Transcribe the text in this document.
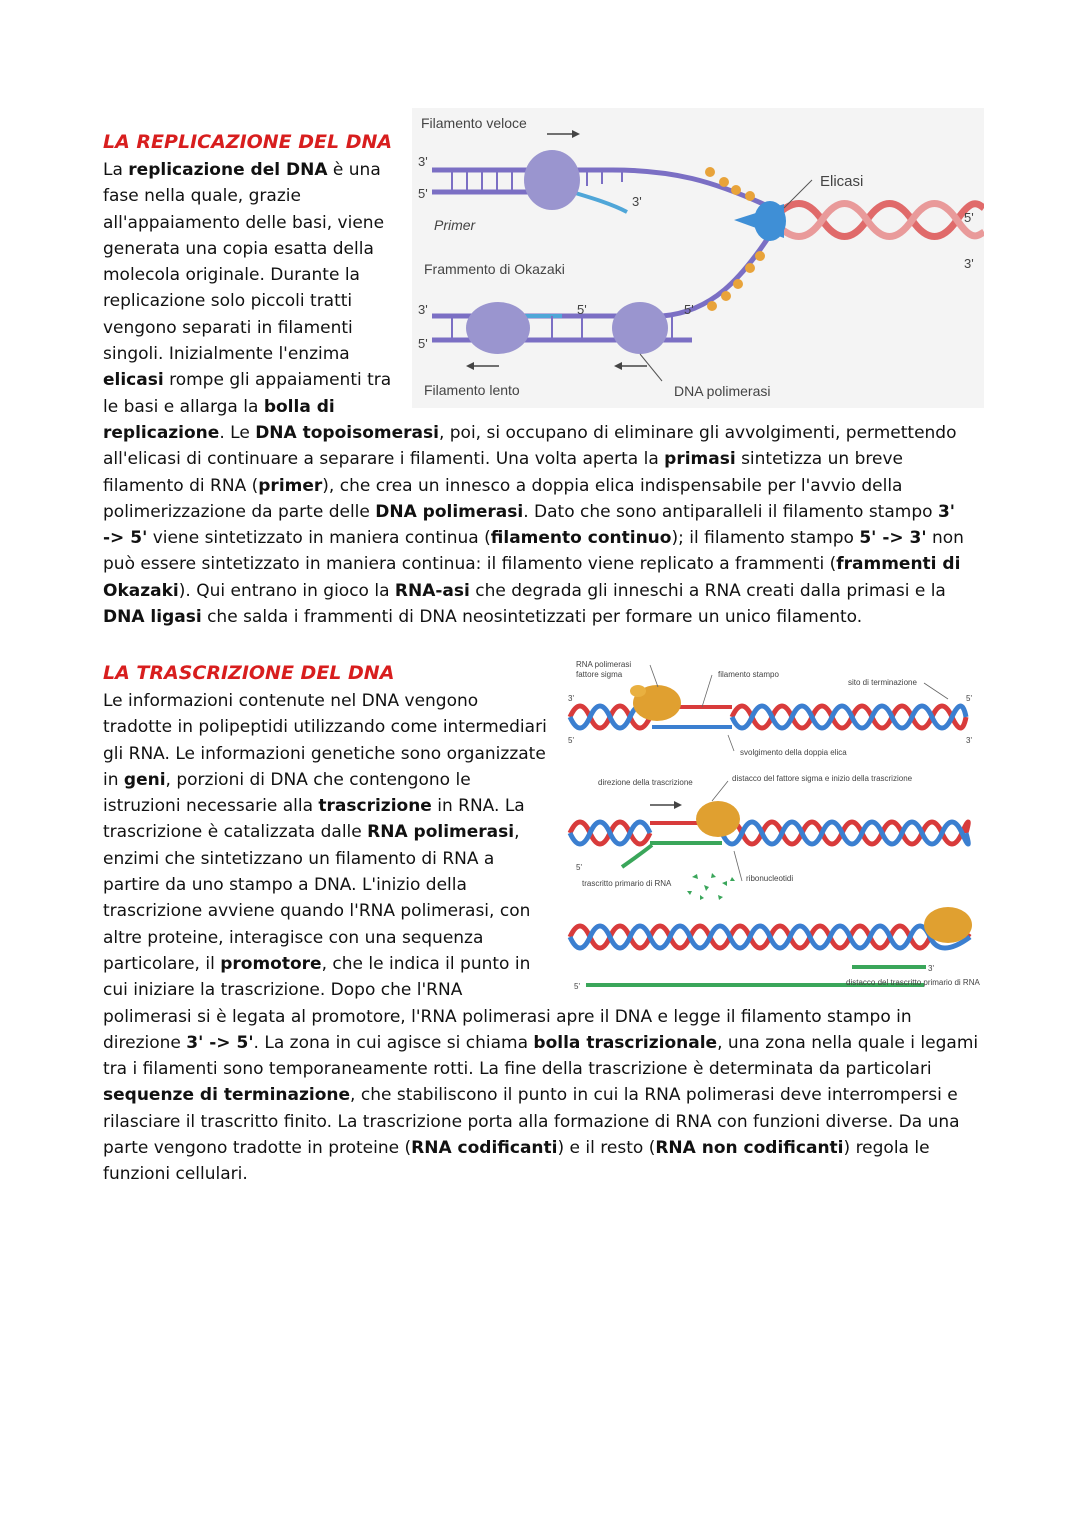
LA REPLICAZIONE DEL DNA
Filamento veloce
Primer
Frammento di Okazaki
Filamento lento	DNA polimerasi
Elicasi
3'
5'
3'
3'
5'
5'	5'
5'
3'

La replicazione del DNA è una
fase nella quale, grazie
all'appaiamento delle basi, viene
generata una copia esatta della
molecola originale. Durante la
replicazione solo piccoli tratti
vengono separati in filamenti
singoli. Inizialmente l'enzima
elicasi rompe gli appaiamenti tra
le basi e allarga la bolla di
replicazione. Le DNA topoisomerasi, poi, si occupano di eliminare gli avvolgimenti, permettendo
all'elicasi di continuare a separare i filamenti. Una volta aperta la primasi sintetizza un breve
filamento di RNA (primer), che crea un innesco a doppia elica indispensabile per l'avvio della
polimerizzazione da parte delle DNA polimerasi. Dato che sono antiparalleli il filamento stampo 3'
-> 5' viene sintetizzato in maniera continua (filamento continuo); il filamento stampo 5' -> 3' non
può essere sintetizzato in maniera continua: il filamento viene replicato a frammenti (frammenti di
Okazaki). Qui entrano in gioco la RNA-asi che degrada gli inneschi a RNA creati dalla primasi e la
DNA ligasi che salda i frammenti di DNA neosintetizzati per formare un unico filamento.

LA TRASCRIZIONE DEL DNA	RNA polimerasi
fattore sigma	filamento stampo
sito di terminazione
svolgimento della doppia elica
direzione della trascrizione	distacco del fattore sigma e inizio della trascrizione
trascritto primario di RNA
ribonucleotidi
distacco del trascritto primario di RNA
3'
5'
5'
3'
5'
5'
3'

Le informazioni contenute nel DNA vengono
tradotte in polipeptidi utilizzando come intermediari
gli RNA. Le informazioni genetiche sono organizzate
in geni, porzioni di DNA che contengono le
istruzioni necessarie alla trascrizione in RNA. La
trascrizione è catalizzata dalle RNA polimerasi,
enzimi che sintetizzano un filamento di RNA a
partire da uno stampo a DNA. L'inizio della
trascrizione avviene quando l'RNA polimerasi, con
altre proteine, interagisce con una sequenza
particolare, il promotore, che le indica il punto in
cui iniziare la trascrizione. Dopo che l'RNA
polimerasi si è legata al promotore, l'RNA polimerasi apre il DNA e legge il filamento stampo in
direzione 3' -> 5'. La zona in cui agisce si chiama bolla trascrizionale, una zona nella quale i legami
tra i filamenti sono temporaneamente rotti. La fine della trascrizione è determinata da particolari
sequenze di terminazione, che stabiliscono il punto in cui la RNA polimerasi deve interrompersi e
rilasciare il trascritto finito. La trascrizione porta alla formazione di RNA con funzioni diverse. Da una
parte vengono tradotte in proteine (RNA codificanti) e il resto (RNA non codificanti) regola le
funzioni cellulari.
